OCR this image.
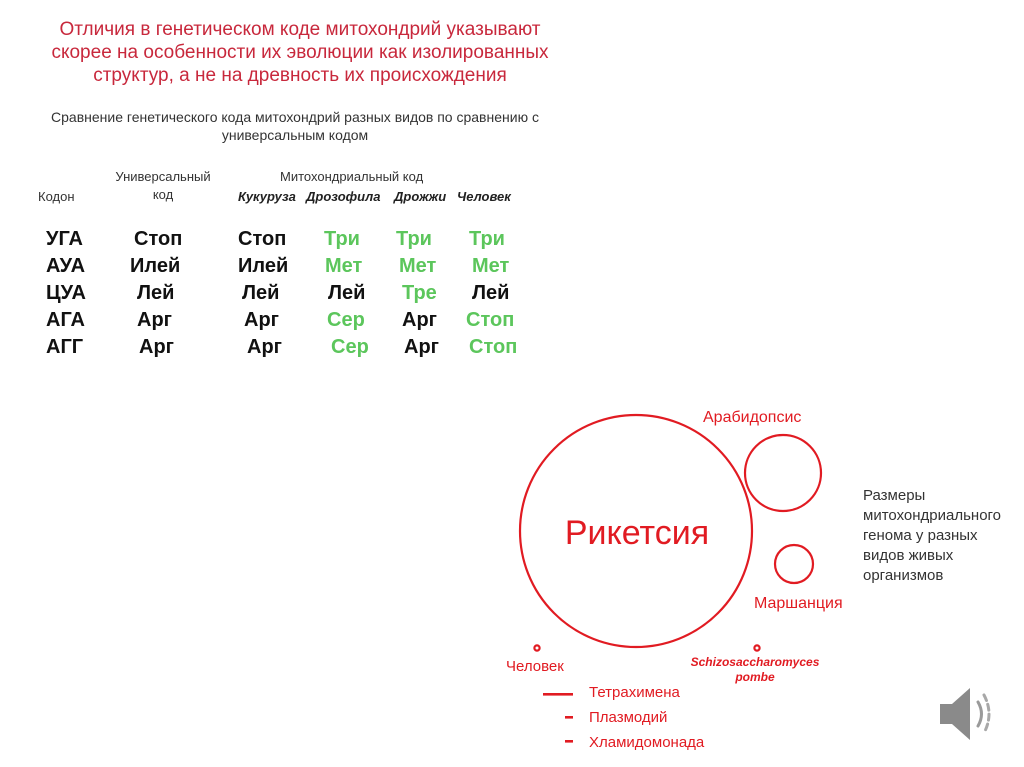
Отличия в генетическом коде митохондрий указывают
скорее на особенности их эволюции как изолированных
структур, а не на древность их происхождения
Сравнение генетического кода митохондрий разных видов по сравнению с
универсальным кодом
Кодон
Универсальный
код
Митохондриальный код
Кукуруза Дрозофила Дрожжи Человек
УГА	Стоп	Стоп Три Три Три
АУА Илей	Илей Мет Мет Мет
ЦУА	Лей	Лей Лей Тре Лей
АГА	Арг	Арг Сер Арг Стоп
АГГ	Арг	Арг Сер Арг Стоп
Рикетсия
Арабидопсис
Маршанция
Человек	Schizosaccharomyces
pombe
Тетрахимена
Плазмодий
Хламидомонада
Размеры
митохондриального
генома у разных
видов живых
организмов
